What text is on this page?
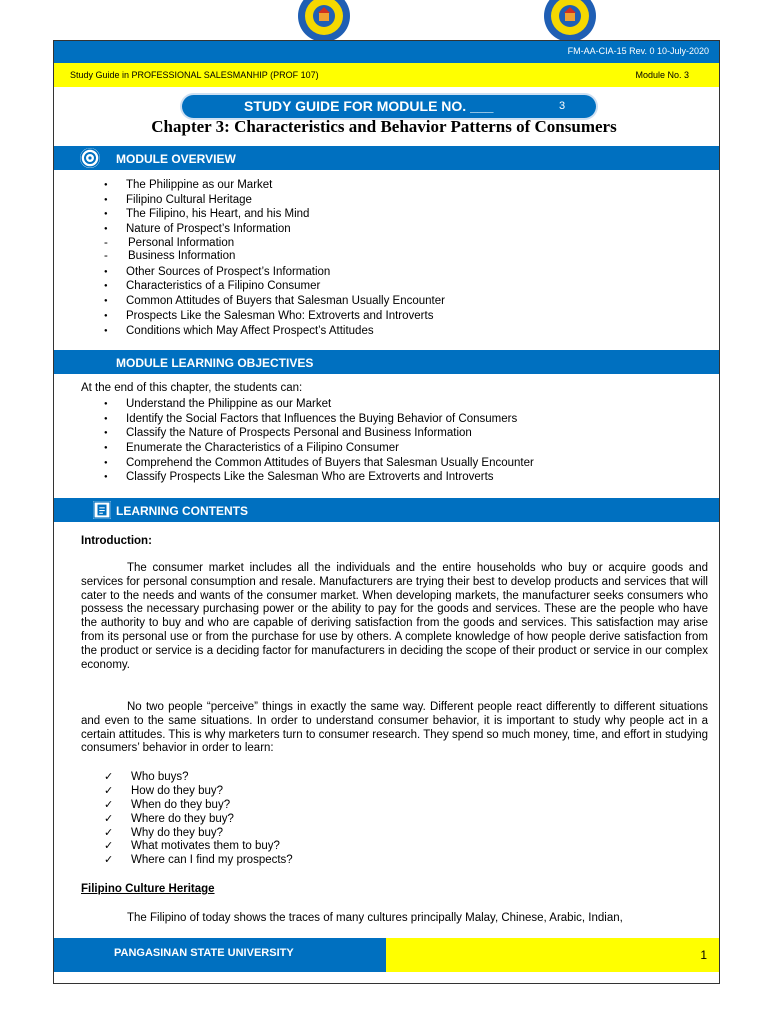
FM-AA-CIA-15 Rev. 0 10-July-2020
Study Guide in PROFESSIONAL SALESMANHIP (PROF 107)	Module No. 3
STUDY GUIDE FOR MODULE NO. ___	3
Chapter 3: Characteristics and Behavior Patterns of Consumers
MODULE OVERVIEW
● The Philippine as our Market
● Filipino Cultural Heritage
● The Filipino, his Heart, and his Mind
● Nature of Prospect’s Information
- Personal Information
- Business Information
● Other Sources of Prospect’s Information
● Characteristics of a Filipino Consumer
● Common Attitudes of Buyers that Salesman Usually Encounter
● Prospects Like the Salesman Who: Extroverts and Introverts
● Conditions which May Affect Prospect’s Attitudes
MODULE LEARNING OBJECTIVES
At the end of this chapter, the students can:
● Understand the Philippine as our Market
● Identify the Social Factors that Influences the Buying Behavior of Consumers
● Classify the Nature of Prospects Personal and Business Information
● Enumerate the Characteristics of a Filipino Consumer
● Comprehend the Common Attitudes of Buyers that Salesman Usually Encounter
● Classify Prospects Like the Salesman Who are Extroverts and Introverts
LEARNING CONTENTS
Introduction:
The consumer market includes all the individuals and the entire households who buy or acquire goods and services for personal consumption and resale. Manufacturers are trying their best to develop products and services that will cater to the needs and wants of the consumer market. When developing markets, the manufacturer seeks consumers who possess the necessary purchasing power or the ability to pay for the goods and services. These are the people who have the authority to buy and who are capable of deriving satisfaction from the goods and services. This satisfaction may arise from its personal use or from the purchase for use by others. A complete knowledge of how people derive satisfaction from the product or service is a deciding factor for manufacturers in deciding the scope of their product or service in our complex economy.
No two people “perceive” things in exactly the same way. Different people react differently to different situations and even to the same situations. In order to understand consumer behavior, it is important to study why people act in a certain attitudes. This is why marketers turn to consumer research. They spend so much money, time, and effort in studying consumers’ behavior in order to learn:
✓ Who buys?
✓ How do they buy?
✓ When do they buy?
✓ Where do they buy?
✓ Why do they buy?
✓ What motivates them to buy?
✓ Where can I find my prospects?
Filipino Culture Heritage
The Filipino of today shows the traces of many cultures principally Malay, Chinese, Arabic, Indian,
PANGASINAN STATE UNIVERSITY	1
